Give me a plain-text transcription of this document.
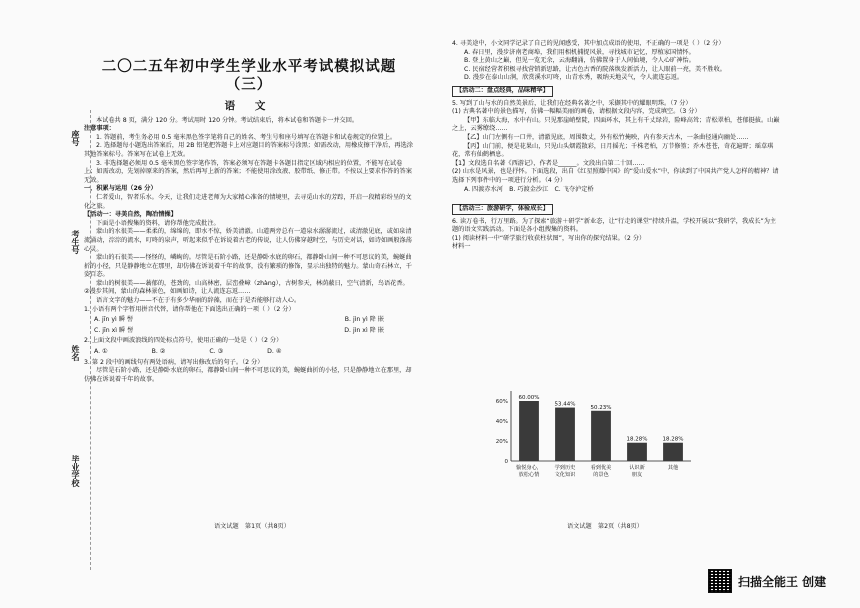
座号
考生号
姓名
毕业学校
二〇二五年初中学生学业水平考试模拟试题（三）
语 文

本试卷共 8 页，满分 120 分。考试用时 120 分钟。考试结束后，将本试卷和答题卡一并交回。

注意事项：

1. 答题前，考生务必用 0.5 毫米黑色签字笔将自己的姓名、考生号和座号填写在答题卡和试卷规定的位置上。

2. 选择题每小题选出答案后，用 2B 铅笔把答题卡上对应题目的答案标号涂黑；如需改动，用橡皮擦干净后，再选涂其他答案标号。答案写在试卷上无效。

3. 非选择题必须用 0.5 毫米黑色签字笔作答，答案必须写在答题卡各题目指定区域内相应的位置，不能写在试卷上；如需改动，先划掉原来的答案，然后再写上新的答案；不能使用涂改液、胶带纸、修正带。不按以上要求作答的答案无效。

一、积累与运用（26 分）

仁者爱山，智者乐水。今天，让我们走进老师为大家精心准备的情境里，去寻觅山水的芳踪，开启一段精彩纷呈的文化之旅。

【活动一：寻美自然，陶冶情操】

下面是小语搜集的资料，请你帮他完成批注。

蒙山的水很美——柔柔的，绵绵的，即水不惊，娇美清澈。山道两旁总有一道泉水潺潺流过，或清澈见底，或如泉清流涌动，淙淙的流水，叮咚的泉声，听起来似乎在诉说着古老的传说，让人仿佛穿越时空，与历史对话，如诗如画般涤荡心灵。

蒙山的石很美——怪怪的，嶙峋的。尽管是石阶小路，还是静卧水底的卵石，都静卧山间一种不可思议的美，蜿蜒曲折的小径，只是静静地立在那里，却仿佛在诉说着千年的故事，没有繁琐的修饰，显示出独特的魅力。蒙山奇石林立，千姿百态。

蒙山的树很美——蓊郁的，苍劲的，山高林密，层峦叠嶂（zhàng），古树参天，林荫蔽日，空气清新，鸟语花香。②漫步其间，蒙山的森林景色，如画如诗，让人流连忘返……

语言文字的魅力——不在于有多少华丽的辞藻，而在于是否能够打动人心。

1. 小语有两个字暂用拼音代替，请你帮他在下面选出正确的一项（ ）（2 分）

A. jīn yì 瞬 髻	B. jìn yì 降 嵌
C. jīn xì 瞬 髻	D. jìn xì 降 嵌

2. 上面文段中画波浪线的四处标点符号，使用正确的一处是（ ）（2 分）

A. ①	B. ②	C. ③	D. ④

3. 第 2 段中的画线句有两处语病，请写出修改后的句子。（2 分）

尽管是石阶小路，还是静卧水底的卵石，都静卧山间一种不可思议的美，蜿蜒曲折的小径，只是静静地立在那里，却仿佛在诉说着千年的故事。

语文试题　第1页（共8页）

4. 寻美途中，小文同学记录了自己的见闻感受，其中加点成语的使用，不正确的一项是（ ）（2 分）

A. 春日里，漫步济南老商埠，我们用相机捕捉风景，寻找城市记忆，厚植家国情怀。

B. 登上黄山之巅，但见一览无余，云海翻涌，仿佛置身于人间仙境，令人心旷神怡。

C. 民宿经营者积极寻找营销新思路，让古色古香的院落焕发新活力，让人眼前一亮，美不胜收。

D. 漫步在泰山山涧，欣赏溪水叮咚，山青水秀，吸纳天地灵气，令人流连忘返。

【活动二：盘点经典，品味精华】

5. 写到了山与水的自然美景后，让我们在经典名著之中，采撷其中的耀眼明珠。（7 分）

(1) 古典名著中的景色描写，仿佛一幅幅美丽的画卷，请根据文段内容，完成填空。（3 分）

【甲】东临大海，水中有山。只见那崖峭壁陡，四面环水，其上有千丈绿岩，险峰高耸；青松翠柏，苍郁挺拔。山巅之上，云雾缭绕……

【乙】山门左侧有一口井，清澈见底，周围数丈，外有松竹掩映，内有参天古木，一条曲径通向幽处……

【丙】山门前，便是花果山，只见山头烟霞散彩，日月摇光；千株老柏，万节修篁；乔木苍苍，奇花遍野；瑶草琪花，常有仙鹤栖息。

【1】文段选自名著《西游记》，作者是______。文段出自第二十回……

(2) 山水是风景，也是抒怀。下面选段，出自《红星照耀中国》的“爱山爱水”中，你读到了中国共产党人怎样的精神？请选择下列事件中的一项进行分析。（4 分）

A. 四渡赤水河　B. 巧渡金沙江　C. 飞夺泸定桥

【活动三：旅游研学，体验成长】

6. 读万卷书，行万里路。为了探索“旅游＋研学”新业态，让“行走的课堂”持续升温，学校开展以“我研学，我成长”为主题的语文实践活动。下面是各小组搜集的资料。

(1) 阅读材料一中“研学旅行收获柱状图”，写出你的探究结果。（2 分）

材料一

0
20%
40%
60%
60.00%
愉悦身心，
放松心情
53.44%
学到历史
文化知识
50.23%
看到优美
的景色
18.28%
认识新
朋友
18.28%
其他
语文试题　第2页（共8页）
扫描全能王 创建
